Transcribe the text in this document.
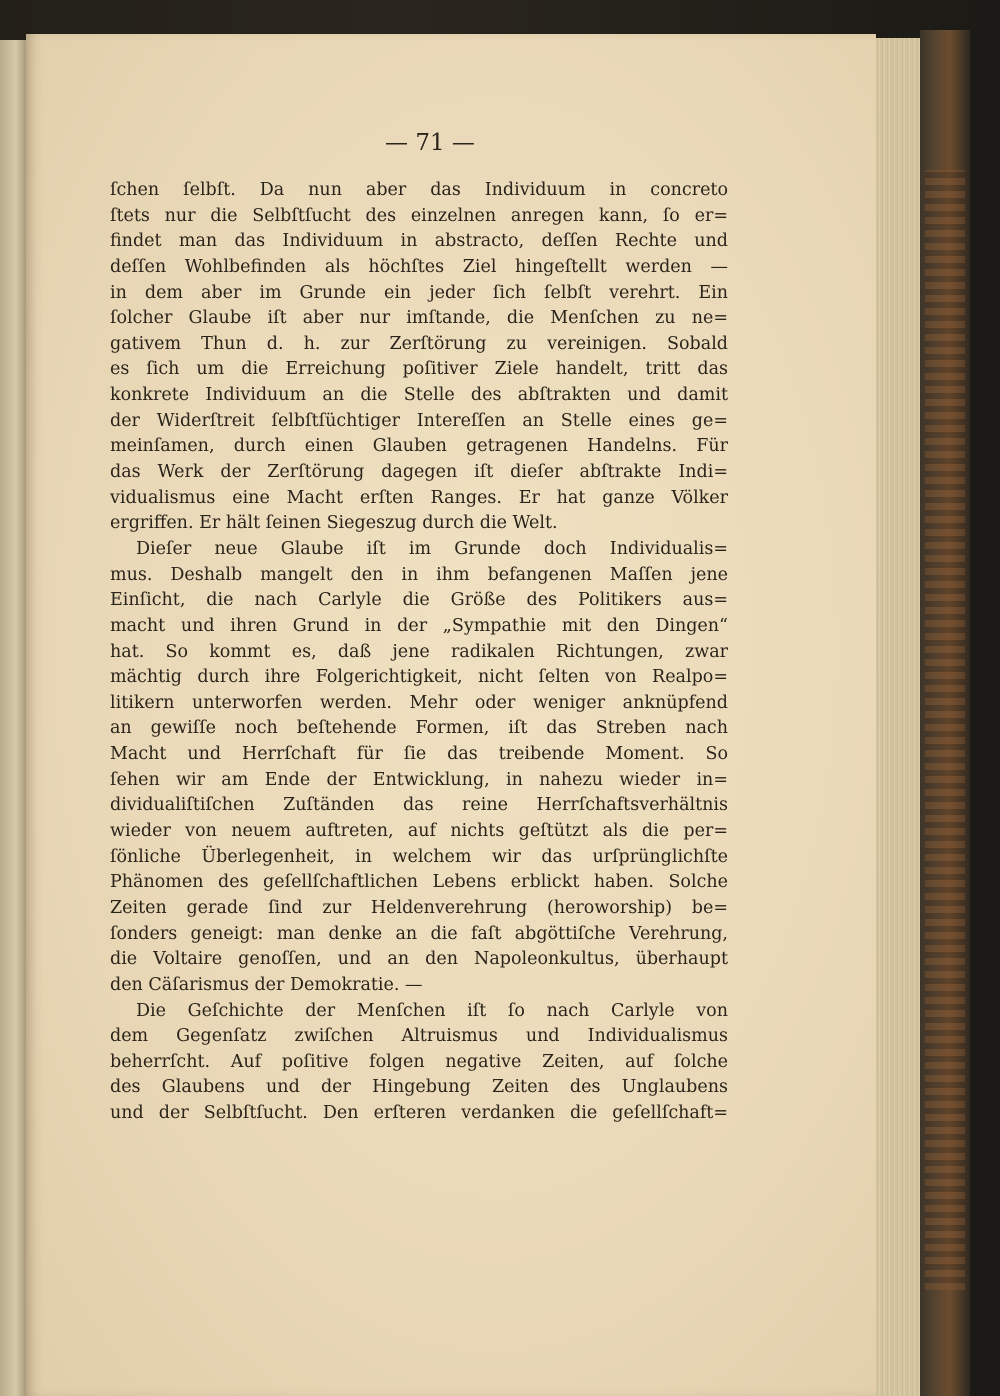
— 71 —
ſchen ſelbſt. Da nun aber das Individuum in concreto
ſtets nur die Selbſtſucht des einzelnen anregen kann, ſo er=
findet man das Individuum in abstracto, deſſen Rechte und
deſſen Wohlbefinden als höchſtes Ziel hingeſtellt werden —
in dem aber im Grunde ein jeder ſich ſelbſt verehrt. Ein
ſolcher Glaube iſt aber nur imſtande, die Menſchen zu ne=
gativem Thun d. h. zur Zerſtörung zu vereinigen. Sobald
es ſich um die Erreichung poſitiver Ziele handelt, tritt das
konkrete Individuum an die Stelle des abſtrakten und damit
der Widerſtreit ſelbſtſüchtiger Intereſſen an Stelle eines ge=
meinſamen, durch einen Glauben getragenen Handelns. Für
das Werk der Zerſtörung dagegen iſt dieſer abſtrakte Indi=
vidualismus eine Macht erſten Ranges. Er hat ganze Völker
ergriffen. Er hält ſeinen Siegeszug durch die Welt.
Dieſer neue Glaube iſt im Grunde doch Individualis=
mus. Deshalb mangelt den in ihm befangenen Maſſen jene
Einſicht, die nach Carlyle die Größe des Politikers aus=
macht und ihren Grund in der „Sympathie mit den Dingen“
hat. So kommt es, daß jene radikalen Richtungen, zwar
mächtig durch ihre Folgerichtigkeit, nicht ſelten von Realpo=
litikern unterworfen werden. Mehr oder weniger anknüpfend
an gewiſſe noch beſtehende Formen, iſt das Streben nach
Macht und Herrſchaft für ſie das treibende Moment. So
ſehen wir am Ende der Entwicklung, in nahezu wieder in=
dividualiſtiſchen Zuſtänden das reine Herrſchaftsverhältnis
wieder von neuem auftreten, auf nichts geſtützt als die per=
ſönliche Überlegenheit, in welchem wir das urſprünglichſte
Phänomen des geſellſchaftlichen Lebens erblickt haben. Solche
Zeiten gerade ſind zur Heldenverehrung (heroworship) be=
ſonders geneigt: man denke an die faſt abgöttiſche Verehrung,
die Voltaire genoſſen, und an den Napoleonkultus, überhaupt
den Cäſarismus der Demokratie. —
Die Geſchichte der Menſchen iſt ſo nach Carlyle von
dem Gegenſatz zwiſchen Altruismus und Individualismus
beherrſcht. Auf poſitive folgen negative Zeiten, auf ſolche
des Glaubens und der Hingebung Zeiten des Unglaubens
und der Selbſtſucht. Den erſteren verdanken die geſellſchaft=
